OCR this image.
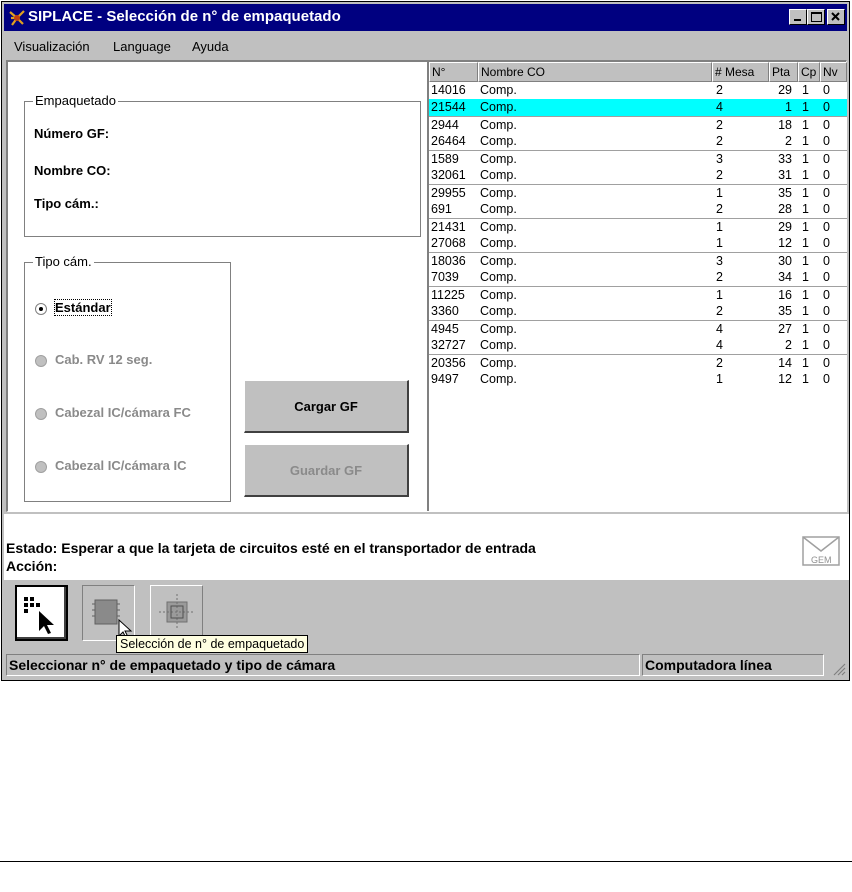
SIPLACE - Selección de n° de empaquetado
Visualización Language Ayuda
Empaquetado
Número GF:
Nombre CO:
Tipo cám.:
Tipo cám.
Estándar
Cab. RV 12 seg.
Cabezal IC/cámara FC
Cabezal IC/cámara IC
Cargar GF
Guardar GF
N°	Nombre CO	# Mesa	Pta Cp Nv
14016 Comp.	2	29 1 0
21544 Comp.	4	1 1 0
2944 Comp.	2	18 1 0
26464 Comp.	2	2 1 0
1589 Comp.	3	33 1 0
32061 Comp.	2	31 1 0
29955 Comp.	1	35 1 0
691 Comp.	2	28 1 0
21431 Comp.	1	29 1 0
27068 Comp.	1	12 1 0
18036 Comp.	3	30 1 0
7039 Comp.	2	34 1 0
11225 Comp.	1	16 1 0
3360 Comp.	2	35 1 0
4945 Comp.	4	27 1 0
32727 Comp.	4	2 1 0
20356 Comp.	2	14 1 0
9497 Comp.	1	12 1 0
Estado: Esperar a que la tarjeta de circuitos esté en el transportador de entrada
Acción:	GEM
Seleccionar n° de empaquetado y tipo de cámara	Computadora línea
Selección de n° de empaquetado
